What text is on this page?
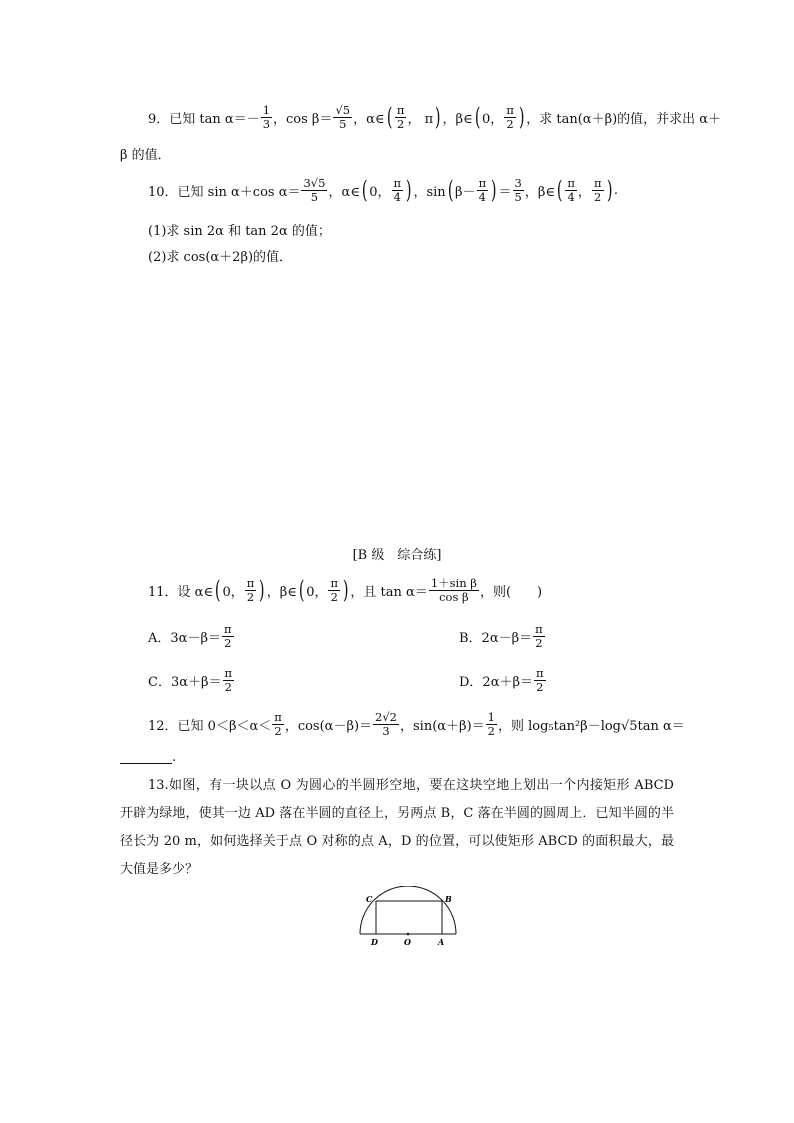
9． 已知 $\tan \alpha=- \frac{1}{3}$ ，$\cos \beta= \frac{√5}{5}$ ，α∈ ( $\frac{\pi}{2}$ ， π ) ，β∈ ( 0， $\frac{\pi}{2}$ ) ，求 tan(α＋β)的值，并求出 α＋
β 的值．
10． 已知 sin α＋cos $\alpha= \frac{3√5}{5}$ ，α∈ ( 0， $\frac{\pi}{4}$ ) ，sin ( $\beta- \frac{\pi}{4}$ ) ＝ $\frac{3}{5}$ ，β∈ ( $\frac{\pi}{4}$ ， $\frac{\pi}{2}$ ) .
(1)求 sin 2α 和 tan 2α 的值；
(2)求 cos(α＋2β)的值．
[B 级　综合练]
11． 设 α∈ ( 0， $\frac{\pi}{2}$ ) ，β∈ ( 0， $\frac{\pi}{2}$ ) ，且 $\tan \alpha= \frac{\text{1＋sin β}}{\text{cos β}}$ ，则(　　)
A．$3\alpha-\beta= \frac{\pi}{2}$	B．$2\alpha-\beta= \frac{\pi}{2}$
C．$3\alpha+\beta= \frac{\pi}{2}$	D．$2\alpha+\beta= \frac{\pi}{2}$
12． 已知 $0<\beta<\alpha< \frac{\pi}{2}$ ，$\cos(\alpha-\beta)= \frac{2√2}{3}$ ，$\sin(\alpha+\beta)= \frac{1}{2}$ ，则 log₅tan²β－log√5tan α＝
.
13.如图，有一块以点 O 为圆心的半圆形空地，要在这块空地上划出一个内接矩形 ABCD 开辟为绿地，使其一边 AD 落在半圆的直径上，另两点 B，C 落在半圆的圆周上．已知半圆的半径长为 20 m，如何选择关于点 O 对称的点 A，D 的位置，可以使矩形 ABCD 的面积最大，最大值是多少？
C	B
D	O	A
